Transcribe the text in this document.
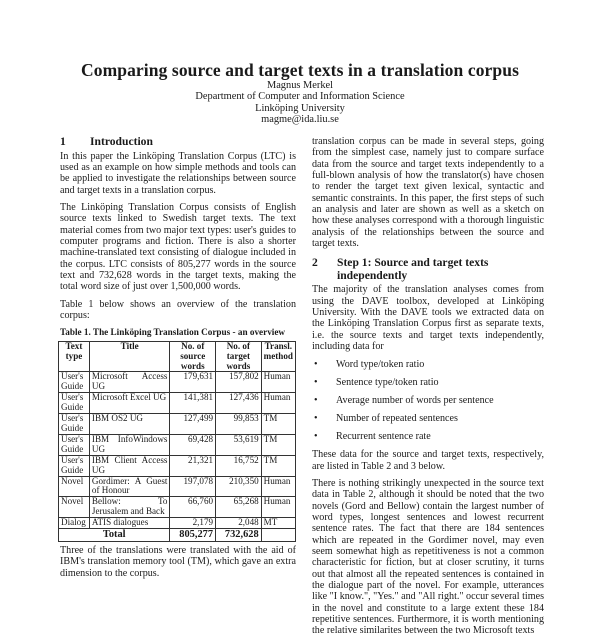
Comparing source and target texts in a translation corpus
Magnus Merkel
Department of Computer and Information Science
Linköping University
magme@ida.liu.se
1	Introduction

In this paper the Linköping Translation Corpus (LTC) is used as an example on how simple methods and tools can be applied to investigate the relationships between source and target texts in a translation corpus.

The Linköping Translation Corpus consists of English source texts linked to Swedish target texts. The text material comes from two major text types: user's guides to computer programs and fiction. There is also a shorter machine-translated text consisting of dialogue included in the corpus. LTC consists of 805,277 words in the source text and 732,628 words in the target texts, making the total word size of just over 1,500,000 words.

Table 1 below shows an overview of the translation corpus:

Table 1. The Linköping Translation Corpus - an overview
Text type	Title	No. of source words	No. of target words	Transl. method
User's Guide	Microsoft Access UG	179,631	157,802	Human
User's Guide	Microsoft Excel UG	141,381	127,436	Human
User's Guide	IBM OS2 UG	127,499	99,853	TM
User's Guide	IBM InfoWindows UG	69,428	53,619	TM
User's Guide	IBM Client Access UG	21,321	16,752	TM
Novel	Gordimer: A Guest of Honour	197,078	210,350	Human
Novel	Bellow: To Jerusalem and Back	66,760	65,268	Human
Dialog	ATIS dialogues	2,179	2,048	MT
Total		805,277	732,628	

Three of the translations were translated with the aid of IBM's translation memory tool (TM), which gave an extra dimension to the corpus.

translation corpus can be made in several steps, going from the simplest case, namely just to compare surface data from the source and target texts independently to a full-blown analysis of how the translator(s) have chosen to render the target text given lexical, syntactic and semantic constraints. In this paper, the first steps of such an analysis and later are shown as well as a sketch on how these analyses correspond with a thorough linguistic analysis of the relationships between the source and target texts.

2	Step 1: Source and target texts independently

The majority of the translation analyses comes from using the DAVE toolbox, developed at Linköping University. With the DAVE tools we extracted data on the Linköping Translation Corpus first as separate texts, i.e. the source texts and target texts independently, including data for

• Word type/token ratio
• Sentence type/token ratio
• Average number of words per sentence
• Number of repeated sentences
• Recurrent sentence rate

These data for the source and target texts, respectively, are listed in Table 2 and 3 below.

There is nothing strikingly unexpected in the source text data in Table 2, although it should be noted that the two novels (Gord and Bellow) contain the largest number of word types, longest sentences and lowest recurrent sentence rates. The fact that there are 184 sentences which are repeated in the Gordimer novel, may even seem somewhat high as repetitiveness is not a common characteristic for fiction, but at closer scrutiny, it turns out that almost all the repeated sentences is contained in the dialogue part of the novel. For example, utterances like "I know.", "Yes." and "All right." occur several times in the novel and constitute to a large extent these 184 repetitive sentences. Furthermore, it is worth mentioning the relative similarites between the two Microsoft texts
